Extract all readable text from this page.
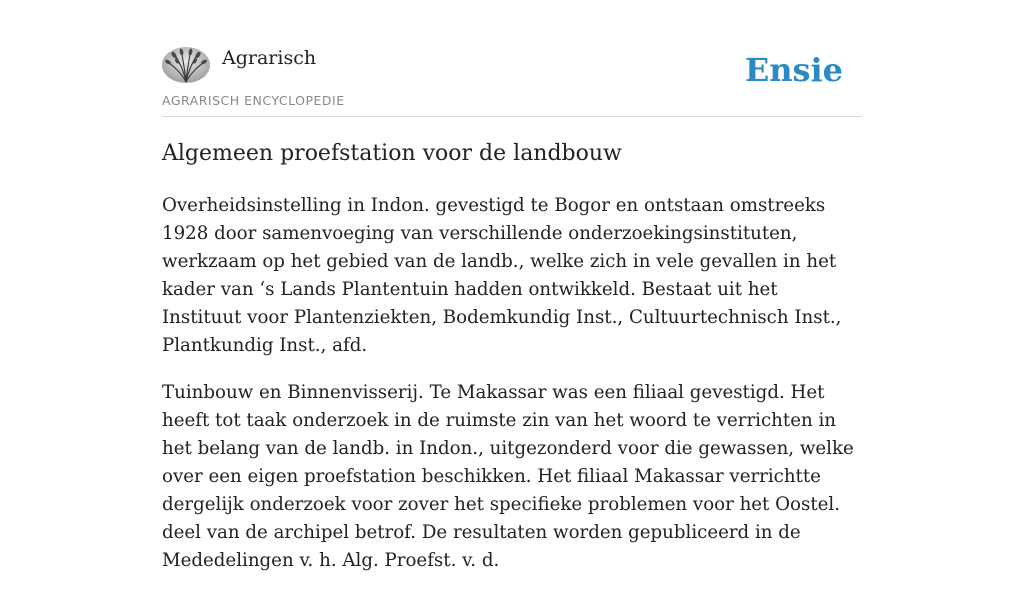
Agrarisch
AGRARISCH ENCYCLOPEDIE
Ensie
Algemeen proefstation voor de landbouw

Overheidsinstelling in Indon. gevestigd te Bogor en ontstaan omstreeks 1928 door samenvoeging van verschillende onderzoekingsinstituten, werkzaam op het gebied van de landb., welke zich in vele gevallen in het kader van ‘s Lands Plantentuin hadden ontwikkeld. Bestaat uit het Instituut voor Plantenziekten, Bodemkundig Inst., Cultuurtechnisch Inst., Plantkundig Inst., afd.

Tuinbouw en Binnenvisserij. Te Makassar was een filiaal gevestigd. Het heeft tot taak onderzoek in de ruimste zin van het woord te verrichten in het belang van de landb. in Indon., uitgezonderd voor die gewassen, welke over een eigen proefstation beschikken. Het filiaal Makassar verrichtte dergelijk onderzoek voor zover het specifieke problemen voor het Oostel. deel van de archipel betrof. De resultaten worden gepubliceerd in de Mededelingen v. h. Alg. Proefst. v. d.
